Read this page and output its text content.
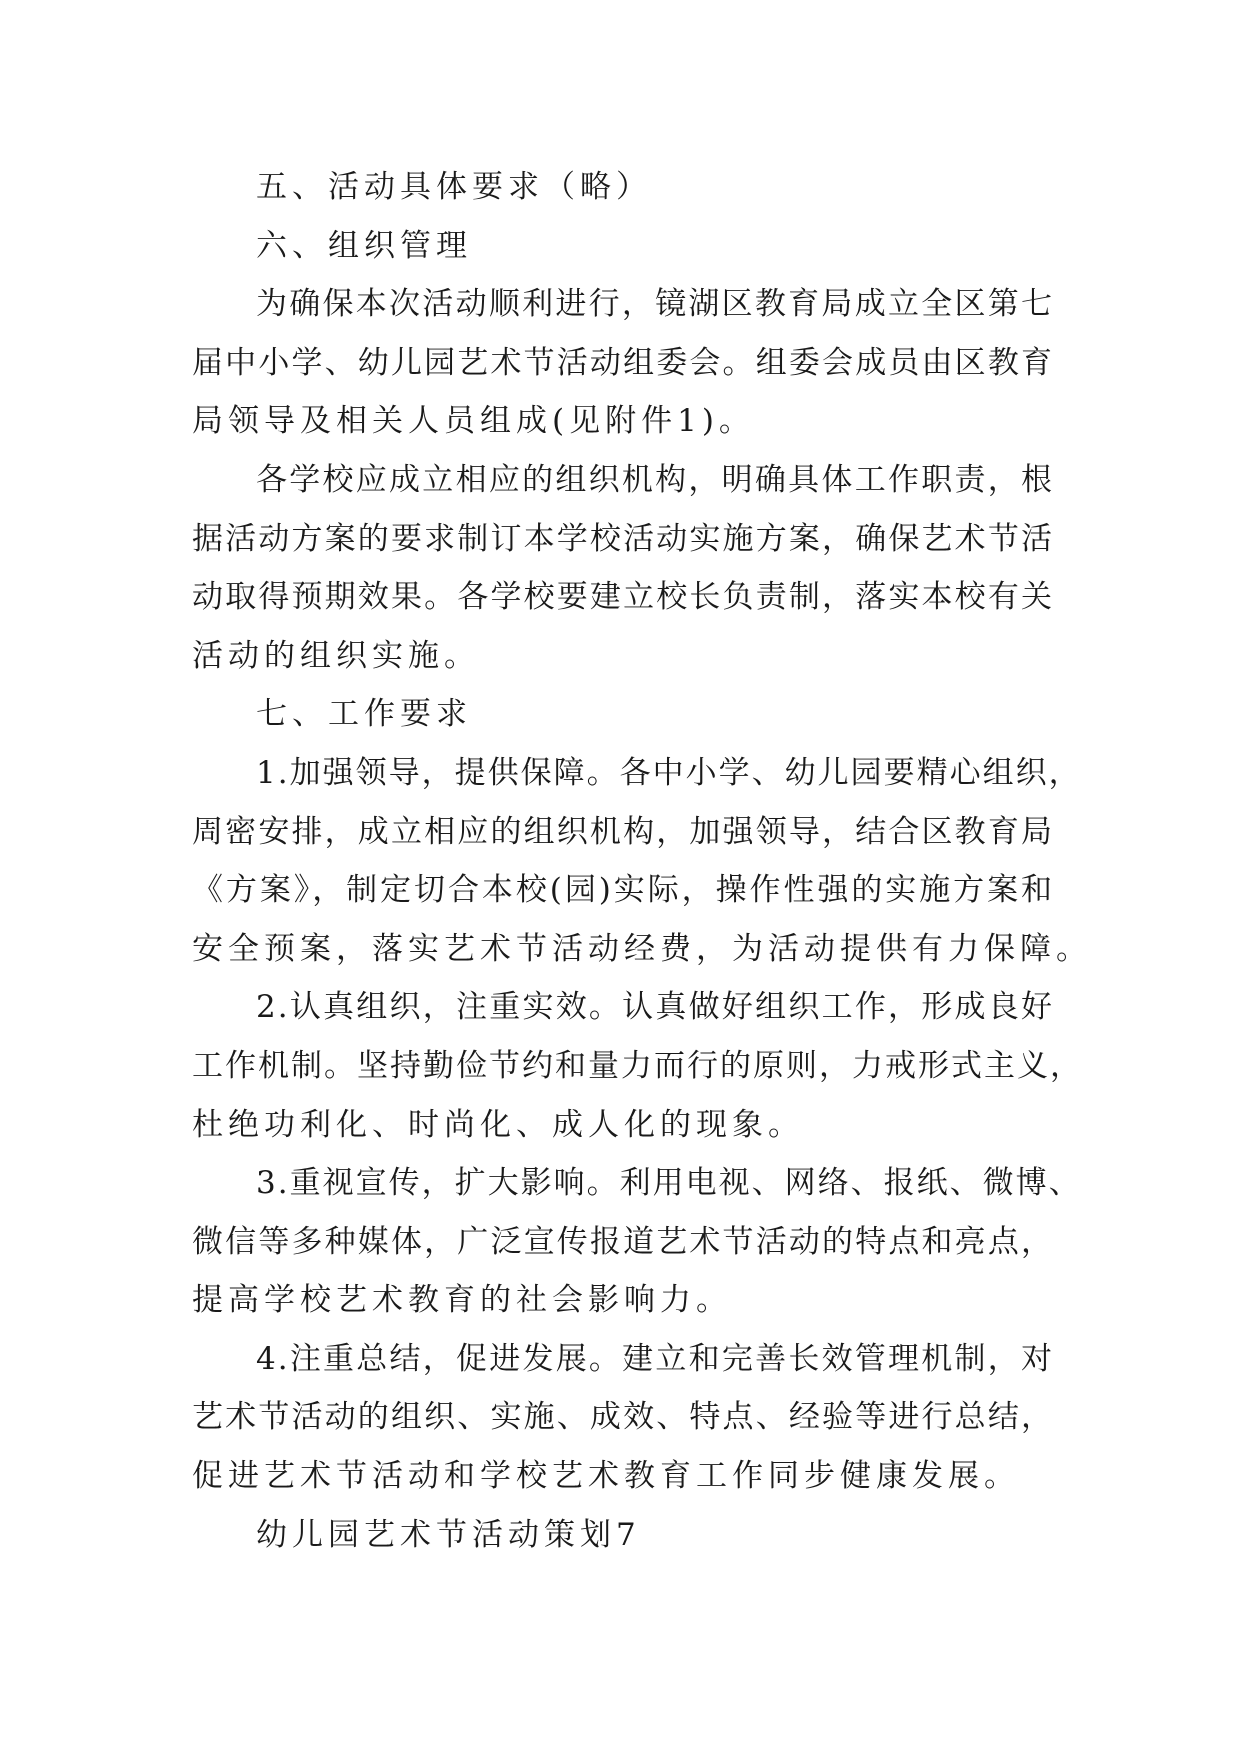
五、活动具体要求（略）
六、组织管理
为确保本次活动顺利进行，镜湖区教育局成立全区第七
届中小学、幼儿园艺术节活动组委会。组委会成员由区教育
局领导及相关人员组成(见附件1)。
各学校应成立相应的组织机构，明确具体工作职责，根
据活动方案的要求制订本学校活动实施方案，确保艺术节活
动取得预期效果。各学校要建立校长负责制，落实本校有关
活动的组织实施。
七、工作要求
1.加强领导，提供保障。各中小学、幼儿园要精心组织，
周密安排，成立相应的组织机构，加强领导，结合区教育局
《方案》，制定切合本校(园)实际，操作性强的实施方案和
安全预案，落实艺术节活动经费，为活动提供有力保障。
2.认真组织，注重实效。认真做好组织工作，形成良好
工作机制。坚持勤俭节约和量力而行的原则，力戒形式主义，
杜绝功利化、时尚化、成人化的现象。
3.重视宣传，扩大影响。利用电视、网络、报纸、微博、
微信等多种媒体，广泛宣传报道艺术节活动的特点和亮点，
提高学校艺术教育的社会影响力。
4.注重总结，促进发展。建立和完善长效管理机制，对
艺术节活动的组织、实施、成效、特点、经验等进行总结，
促进艺术节活动和学校艺术教育工作同步健康发展。
幼儿园艺术节活动策划7
